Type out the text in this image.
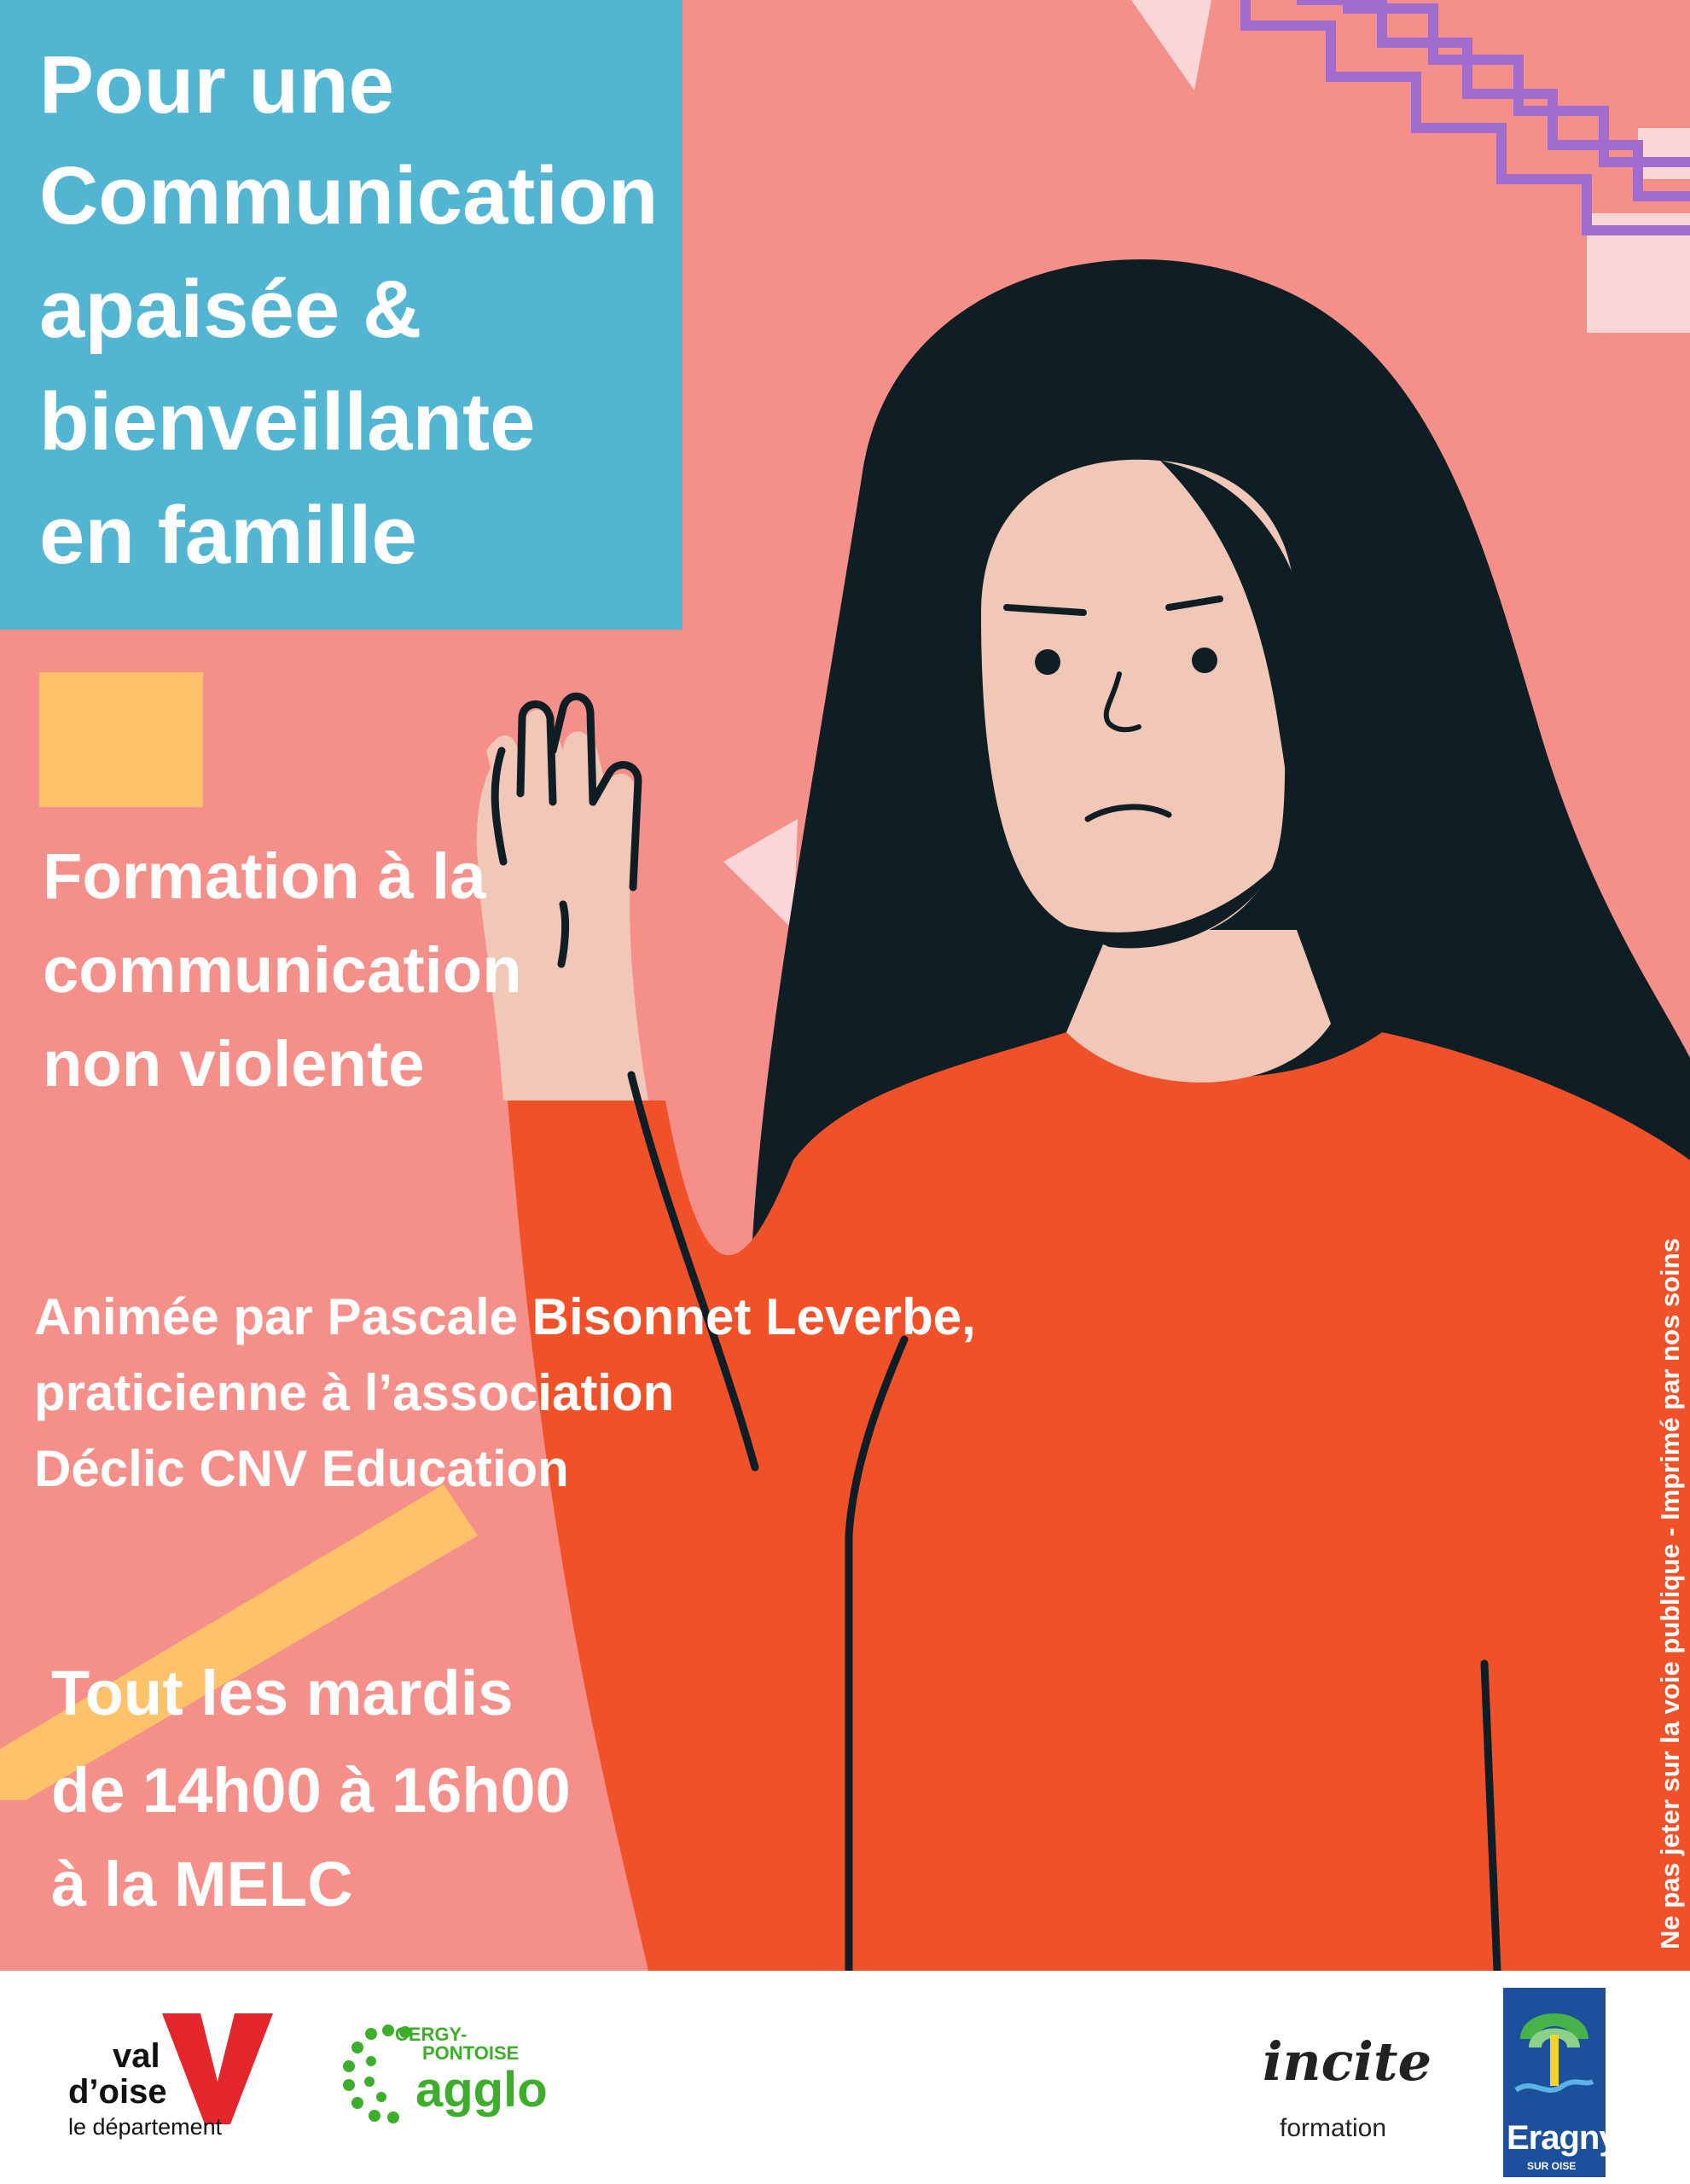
Pour une
Communication
apaisée &
bienveillante
en famille
Formation à la
communication
non violente
Animée par Pascale Bisonnet Leverbe,
praticienne à l’association
Déclic CNV Education
Tout les mardis
de 14h00 à 16h00
à la MELC	Ne pas jeter sur la voie publique - Imprimé par nos soins
val
d’oise
le département
CERGY-
PONTOISE
agglo	incite
formation	Eragny
SUR OISE
